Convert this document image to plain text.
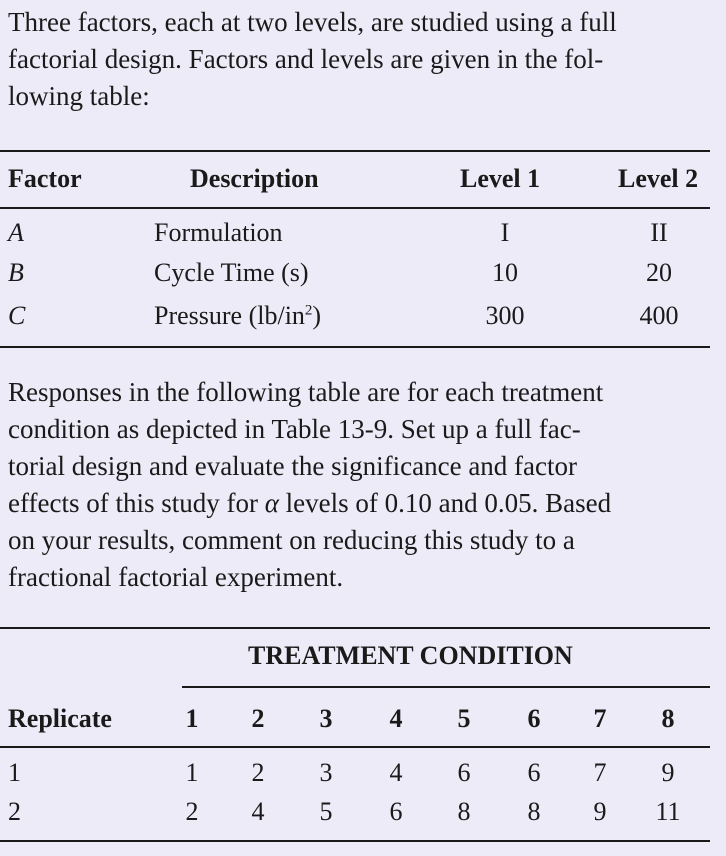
Three factors, each at two levels, are studied using a full
factorial design. Factors and levels are given in the fol-
lowing table:
Factor	Description	Level 1	Level 2
A	Formulation	I	II
B	Cycle Time (s)	10	20
C	Pressure $(lb/in^2)$	300	400
Responses in the following table are for each treatment
condition as depicted in Table 13-9. Set up a full fac-
torial design and evaluate the significance and factor
effects of this study for α levels of 0.10 and 0.05. Based
on your results, comment on reducing this study to a
fractional factorial experiment.
TREATMENT CONDITION
Replicate	1	2	3	4	5	6	7	8
1	1	2	3	4	6	6	7	9
2	2	4	5	6	8	8	9	11
